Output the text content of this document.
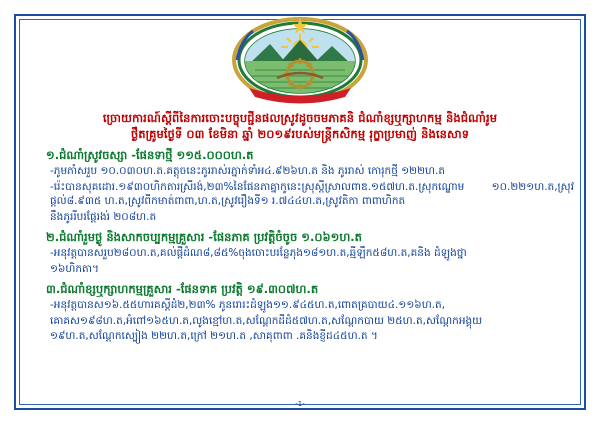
ច្រោយការណ៍ស្តីពីនៃការចោះបច្ចុបជ្ជីនផលស្រូវដូចចមភាគនិ ជំណាំខ្សឬក្សាហកម្ម និងជំណាំរូម
ថ្ងឹតគ្រូមថ្ងៃទី ០៣ ខែមិនា ឆ្នាំ ២០១៩របស់មន្ត្រីកសិកម្ម រុក្ខាប្រមាញ់ និងនេសាទ
១.ជំណាំស្រូវចស្សា -ផែនទាថ្មី ១១៥.០០០ហ.ត

-ភូមភាំសរួប ១០.០៣០ហ.ត.គត្តុចនេះភូររាស់រភ្នាក់ទាំអ៤.៩២៦ហ.ត និង ភូររាស់ កោរុកថ្មី ១២២ហ.ត

-រ៉េះបានសុគដោរ.១៩៣០ហិកតារស្រីរង់,២៣%នៃផែនភាគ្នាកូនេះស្រុស្តីស្រាលពាឌ.១៥៧ហ.ត.ស្រុកណ្ឌោម ១០.២២១ហ.ត,ស្រុវផ្ដល់៨.៩៣៥ ហ.ត,ស្រូវពីកមាត់ពាពា,ហ.ត,ស្រូវរឿងទី១ រ.៧៤៤ហ.ត,ស្រូវតិកា ពាពាហិកត

នឹងភូររីបរផ្តែរងរ់ ២០៨ហ.ត

២.ជំណាំរួមថ្ងូ និងសាកចប្បកម្មគ្រួសារ -ផែនភាគ ប្រវត្តិចំចូច ១.០៦១ហ.ត

-អនុវត្តបានសរួប២៨០ហ.ត,គល់ផ្តីដំណ៨,៨៥%ចុងចោះបរន្លែភុង១៨១ហ.ត,ឆ្មីឡឹក៥៨ហ.ត,គនិង ដំឡូងថ្នា

១៦ហិកតា។

៣.ជំណាំខ្សឬក្សាហកម្មគ្រួសារ -ផែនទាគ ប្រវត្តិ ១៩.៣០៧ហ.ត

-អនុវត្តបានស១៦.៥៥ហារគស្តីដំ២,២៣% ភូនរោរះដំឡូង១១.៩៤៥ហ.ត,ពោតគ្របាយ៤.១១៦ហ.ត,

គោគស១៩៨ហ.ត,អំពៅ១៦៥ហ.ត,លូងខ្មៅហ.ត,សណ្ដែកដីដំ៥៧ហ.ត,សណ្ដែកបាយ ២៥ហ.ត,សណ្ដែកអង្គុយ

១៩ហ.ត,សណ្ដែកស្បៀង ២២ហ.ត,ក្រៅ ២១ហ.ត ,សាគុពាពា .គនិងខ្ញីដ៤៥ហ.ត ។

-1-
